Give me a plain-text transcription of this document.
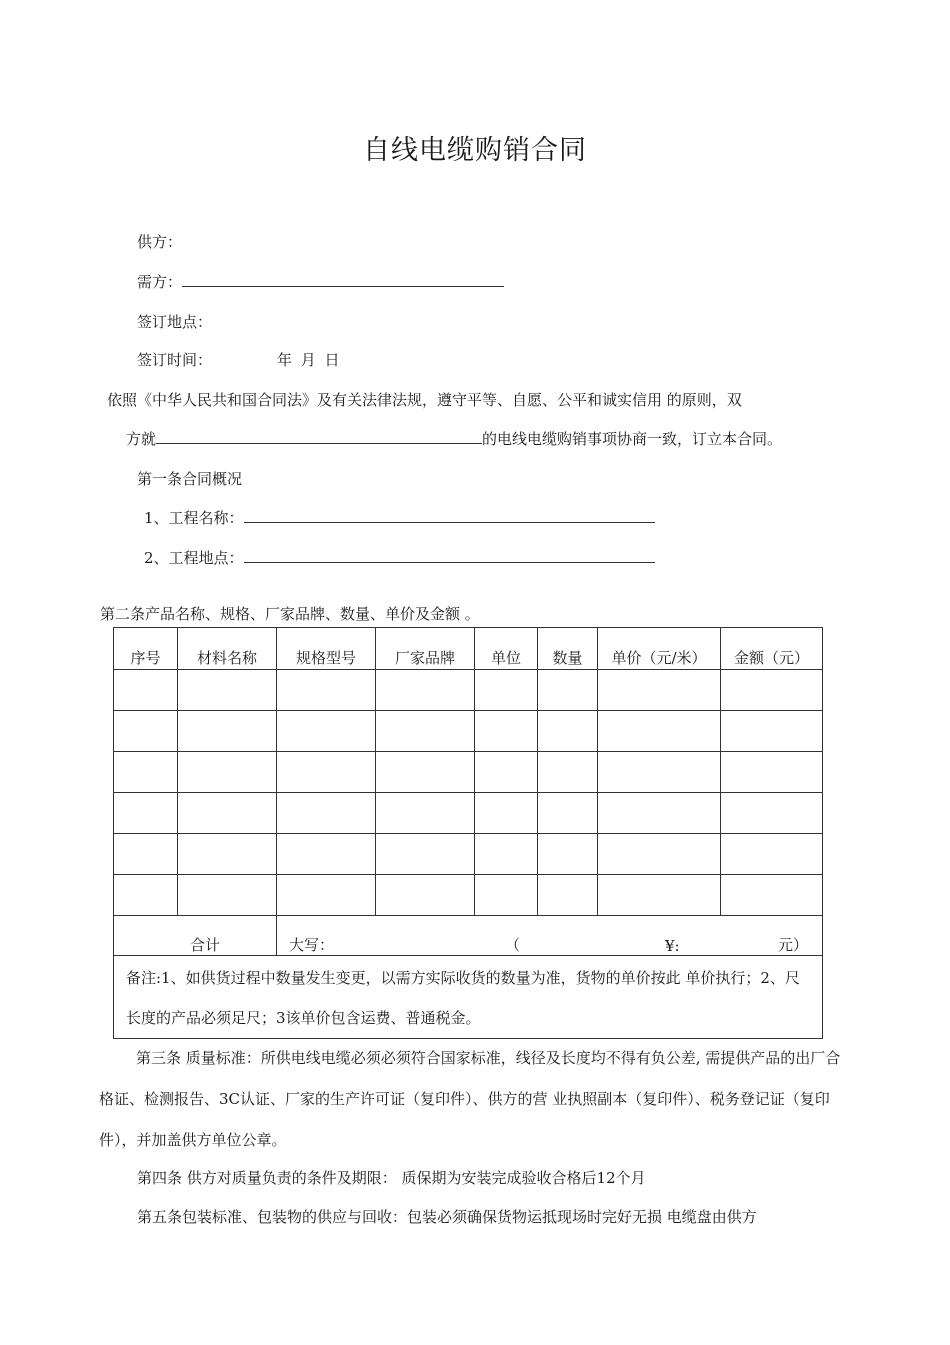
自线电缆购销合同
供方：
需方：
签订地点：
签订时间：	年 月 日
依照《中华人民共和国合同法》及有关法律法规，遵守平等、自愿、公平和诚实信用 的原则，双
方就	的电线电缆购销事项协商一致，订立本合同。
第一条合同概况
1、工程名称：
2、工程地点：
第二条产品名称、规格、厂家品牌、数量、单价及金额 。
序号	材料名称	规格型号	厂家品牌	单位	数量	单价（元/米）	金额（元）

合计		大写： （ ¥: 元）					

备注:1、如供货过程中数量发生变更，以需方实际收货的数量为准，货物的单价按此 单价执行；2、尺长度的产品必须足尺；3该单价包含运费、普通税金。							
第三条 质量标准：所供电线电缆必须必须符合国家标准，线径及长度均不得有负公差, 需提供产品的出厂合格证、检测报告、3C认证、厂家的生产许可证（复印件）、供方的营 业执照副本（复印件）、税务登记证（复印件），并加盖供方单位公章。
第四条 供方对质量负责的条件及期限： 质保期为安装完成验收合格后12个月
第五条包装标准、包装物的供应与回收：包装必须确保货物运抵现场时完好无损 电缆盘由供方
